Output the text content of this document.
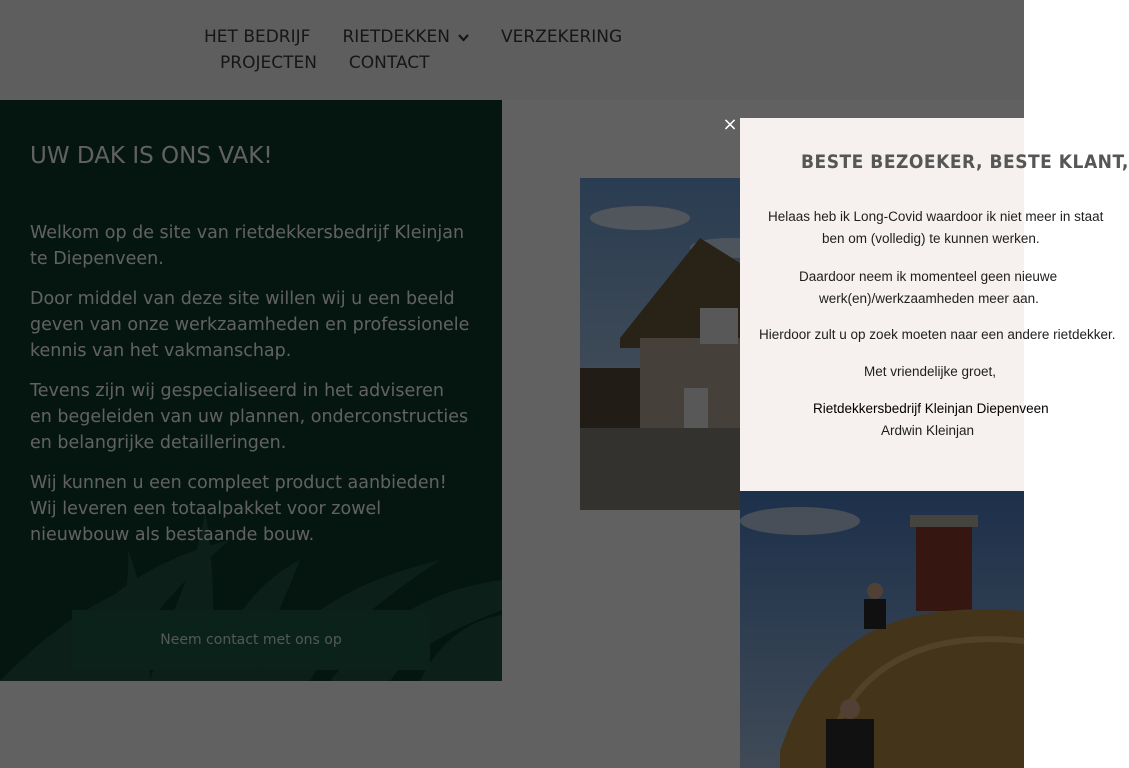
×
BESTE BEZOEKER, BESTE KLANT,
Helaas heb ik Long-Covid waardoor ik niet meer in staat
ben om (volledig) te kunnen werken.
Daardoor neem ik momenteel geen nieuwe
werk(en)/werkzaamheden meer aan.
Hierdoor zult u op zoek moeten naar een andere rietdekker.
Met vriendelijke groet,
Rietdekkersbedrijf Kleinjan Diepenveen
Ardwin Kleinjan
